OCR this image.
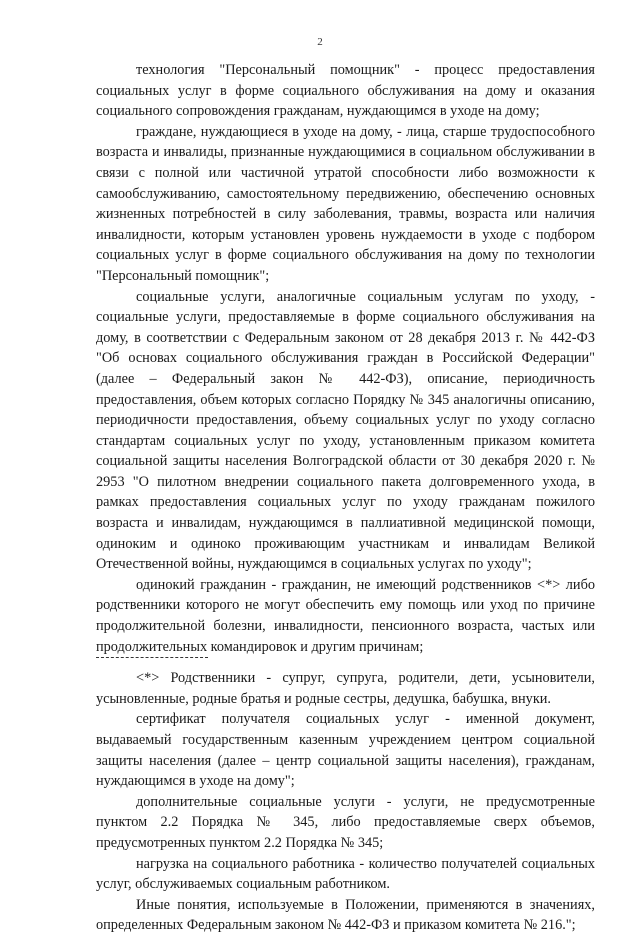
2

технология "Персональный помощник" - процесс предоставления социальных услуг в форме социального обслуживания на дому и оказания социального сопровождения гражданам, нуждающимся в уходе на дому;

граждане, нуждающиеся в уходе на дому, - лица, старше трудоспособного возраста и инвалиды, признанные нуждающимися в социальном обслуживании в связи с полной или частичной утратой способности либо возможности к самообслуживанию, самостоятельному передвижению, обеспечению основных жизненных потребностей в силу заболевания, травмы, возраста или наличия инвалидности, которым установлен уровень нуждаемости в уходе с подбором социальных услуг в форме социального обслуживания на дому по технологии "Персональный помощник";

социальные услуги, аналогичные социальным услугам по уходу, - социальные услуги, предоставляемые в форме социального обслуживания на дому, в соответствии с Федеральным законом от 28 декабря 2013 г. № 442-ФЗ "Об основах социального обслуживания граждан в Российской Федерации" (далее – Федеральный закон № 442-ФЗ), описание, периодичность предоставления, объем которых согласно Порядку № 345 аналогичны описанию, периодичности предоставления, объему социальных услуг по уходу согласно стандартам социальных услуг по уходу, установленным приказом комитета социальной защиты населения Волгоградской области от 30 декабря 2020 г. № 2953 "О пилотном внедрении социального пакета долговременного ухода, в рамках предоставления социальных услуг по уходу гражданам пожилого возраста и инвалидам, нуждающимся в паллиативной медицинской помощи, одиноким и одиноко проживающим участникам и инвалидам Великой Отечественной войны, нуждающимся в социальных услугах по уходу";

одинокий гражданин - гражданин, не имеющий родственников <*> либо родственники которого не могут обеспечить ему помощь или уход по причине продолжительной болезни, инвалидности, пенсионного возраста, частых или продолжительных командировок и другим причинам;

<*> Родственники - супруг, супруга, родители, дети, усыновители, усыновленные, родные братья и родные сестры, дедушка, бабушка, внуки.

сертификат получателя социальных услуг - именной документ, выдаваемый государственным казенным учреждением центром социальной защиты населения (далее – центр социальной защиты населения), гражданам, нуждающимся в уходе на дому";

дополнительные социальные услуги - услуги, не предусмотренные пунктом 2.2 Порядка № 345, либо предоставляемые сверх объемов, предусмотренных пунктом 2.2 Порядка № 345;

нагрузка на социального работника - количество получателей социальных услуг, обслуживаемых социальным работником.

Иные понятия, используемые в Положении, применяются в значениях, определенных Федеральным законом № 442-ФЗ и приказом комитета № 216.";
